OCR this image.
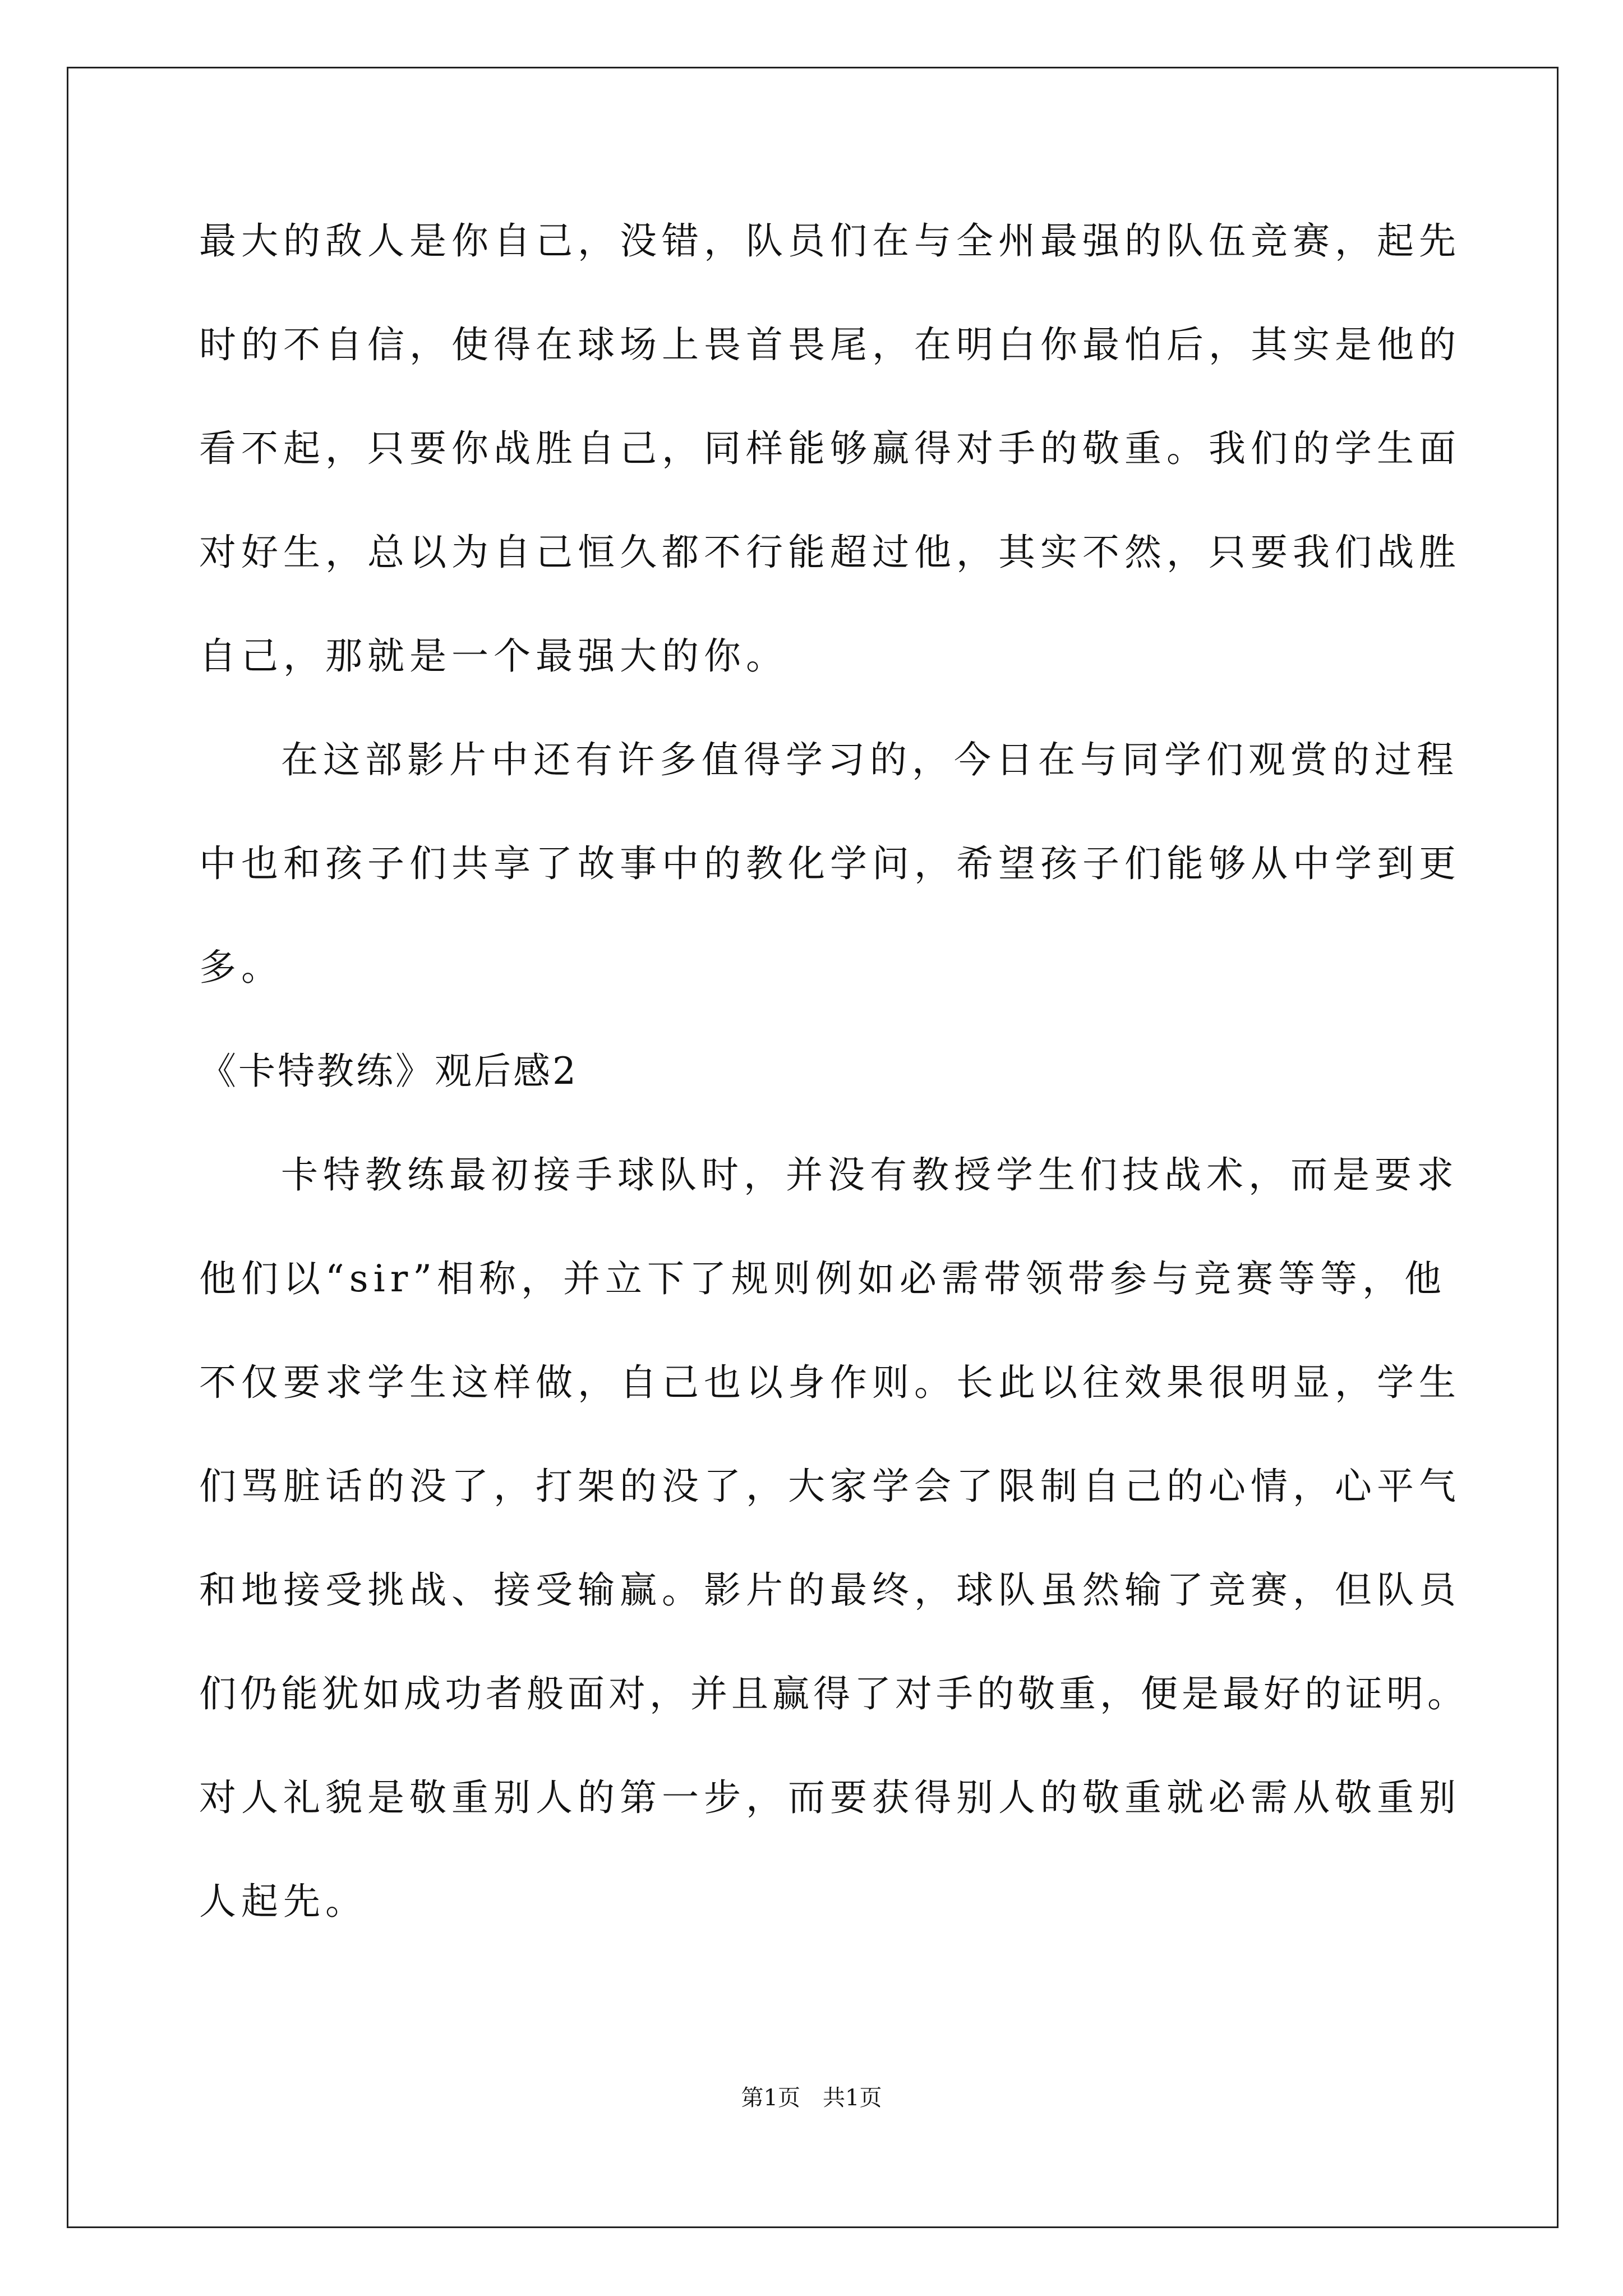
最大的敌人是你自己，没错，队员们在与全州最强的队伍竞赛，起先
时的不自信，使得在球场上畏首畏尾，在明白你最怕后，其实是他的
看不起，只要你战胜自己，同样能够赢得对手的敬重。我们的学生面
对好生，总以为自己恒久都不行能超过他，其实不然，只要我们战胜
自己，那就是一个最强大的你。
在这部影片中还有许多值得学习的，今日在与同学们观赏的过程
中也和孩子们共享了故事中的教化学问，希望孩子们能够从中学到更
多。
《卡特教练》观后感2
卡特教练最初接手球队时，并没有教授学生们技战术，而是要求
他们以“sir”相称，并立下了规则例如必需带领带参与竞赛等等，他
不仅要求学生这样做，自己也以身作则。长此以往效果很明显，学生
们骂脏话的没了，打架的没了，大家学会了限制自己的心情，心平气
和地接受挑战、接受输赢。影片的最终，球队虽然输了竞赛，但队员
们仍能犹如成功者般面对，并且赢得了对手的敬重，便是最好的证明。
对人礼貌是敬重别人的第一步，而要获得别人的敬重就必需从敬重别
人起先。
第1页　共1页
